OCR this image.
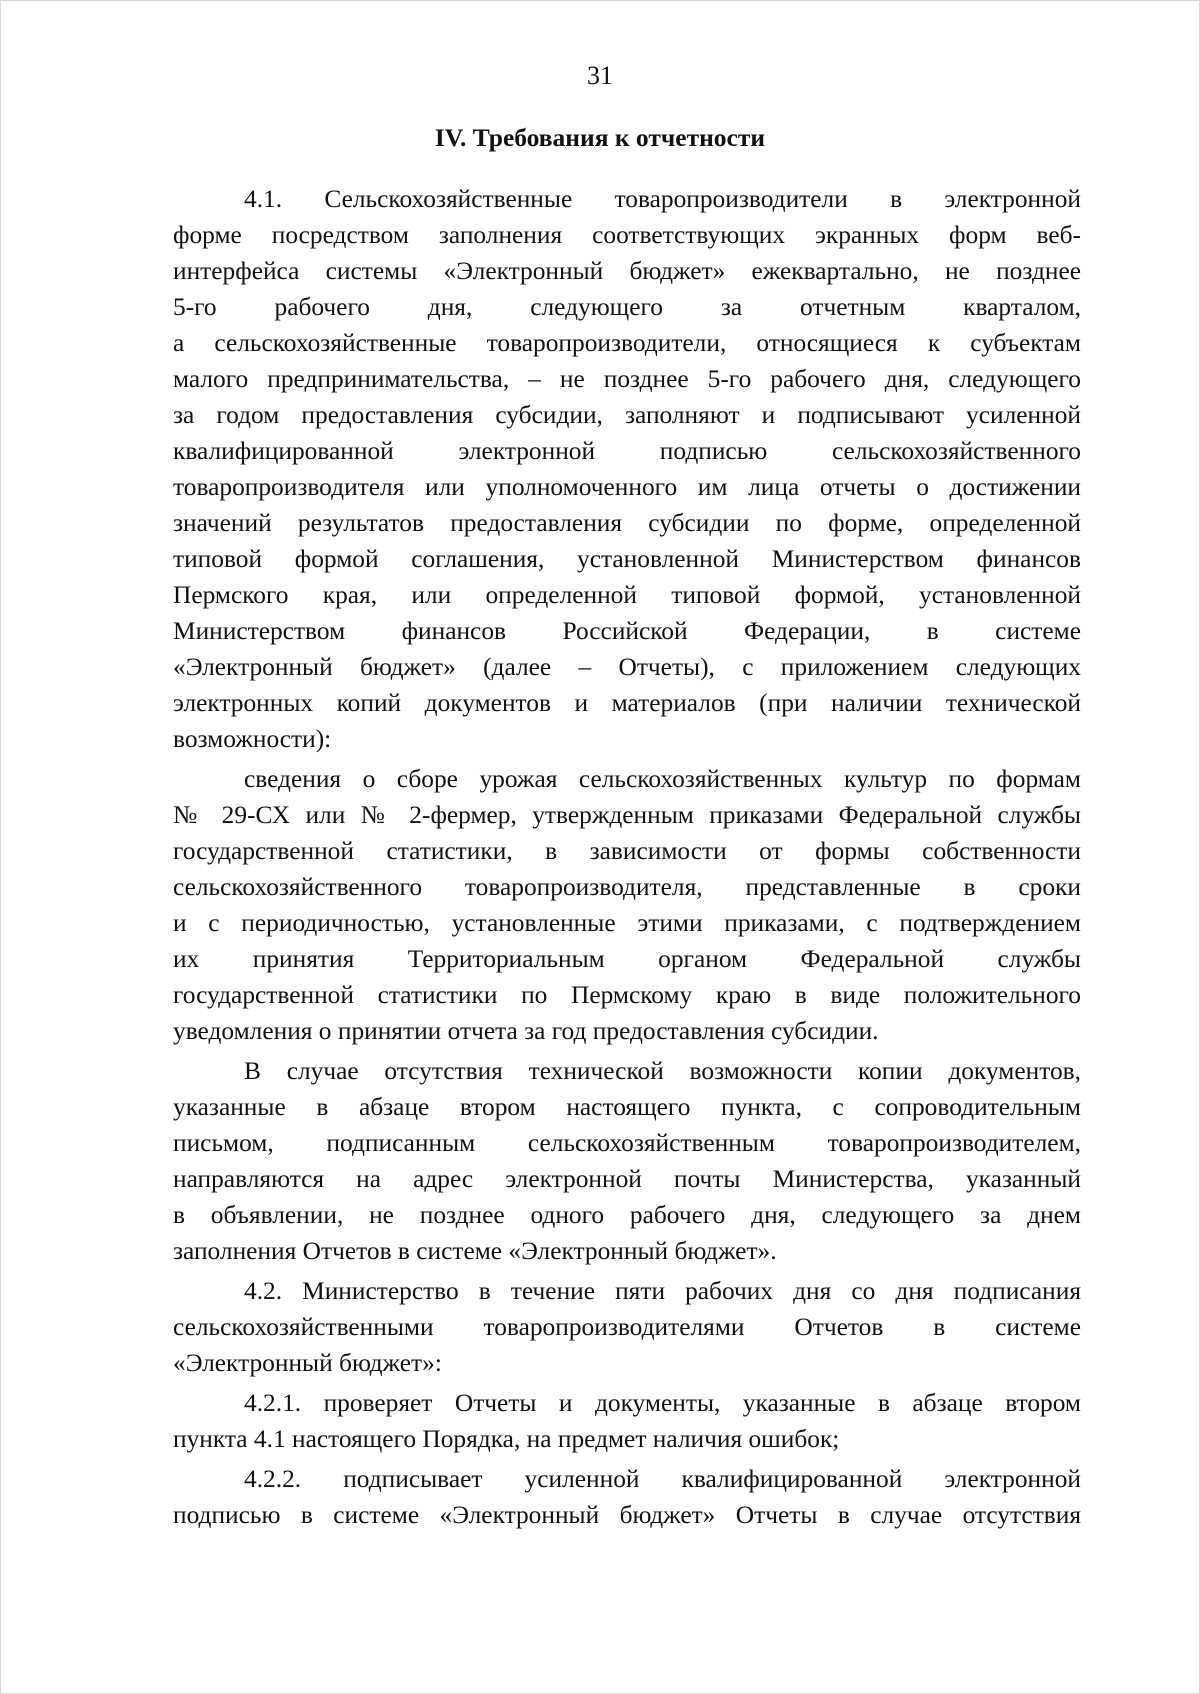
31
IV. Требования к отчетности
4.1. Сельскохозяйственные товаропроизводители в электронной
форме посредством заполнения соответствующих экранных форм веб-
интерфейса системы «Электронный бюджет» ежеквартально, не позднее
5-го рабочего дня, следующего за отчетным кварталом,
а сельскохозяйственные товаропроизводители, относящиеся к субъектам
малого предпринимательства, – не позднее 5-го рабочего дня, следующего
за годом предоставления субсидии, заполняют и подписывают усиленной
квалифицированной электронной подписью сельскохозяйственного
товаропроизводителя или уполномоченного им лица отчеты о достижении
значений результатов предоставления субсидии по форме, определенной
типовой формой соглашения, установленной Министерством финансов
Пермского края, или определенной типовой формой, установленной
Министерством финансов Российской Федерации, в системе
«Электронный бюджет» (далее – Отчеты), с приложением следующих
электронных копий документов и материалов (при наличии технической
возможности):
сведения о сборе урожая сельскохозяйственных культур по формам
№ 29-СХ или № 2-фермер, утвержденным приказами Федеральной службы
государственной статистики, в зависимости от формы собственности
сельскохозяйственного товаропроизводителя, представленные в сроки
и с периодичностью, установленные этими приказами, с подтверждением
их принятия Территориальным органом Федеральной службы
государственной статистики по Пермскому краю в виде положительного
уведомления о принятии отчета за год предоставления субсидии.
В случае отсутствия технической возможности копии документов,
указанные в абзаце втором настоящего пункта, с сопроводительным
письмом, подписанным сельскохозяйственным товаропроизводителем,
направляются на адрес электронной почты Министерства, указанный
в объявлении, не позднее одного рабочего дня, следующего за днем
заполнения Отчетов в системе «Электронный бюджет».
4.2. Министерство в течение пяти рабочих дня со дня подписания
сельскохозяйственными товаропроизводителями Отчетов в системе
«Электронный бюджет»:
4.2.1. проверяет Отчеты и документы, указанные в абзаце втором
пункта 4.1 настоящего Порядка, на предмет наличия ошибок;
4.2.2. подписывает усиленной квалифицированной электронной
подписью в системе «Электронный бюджет» Отчеты в случае отсутствия
